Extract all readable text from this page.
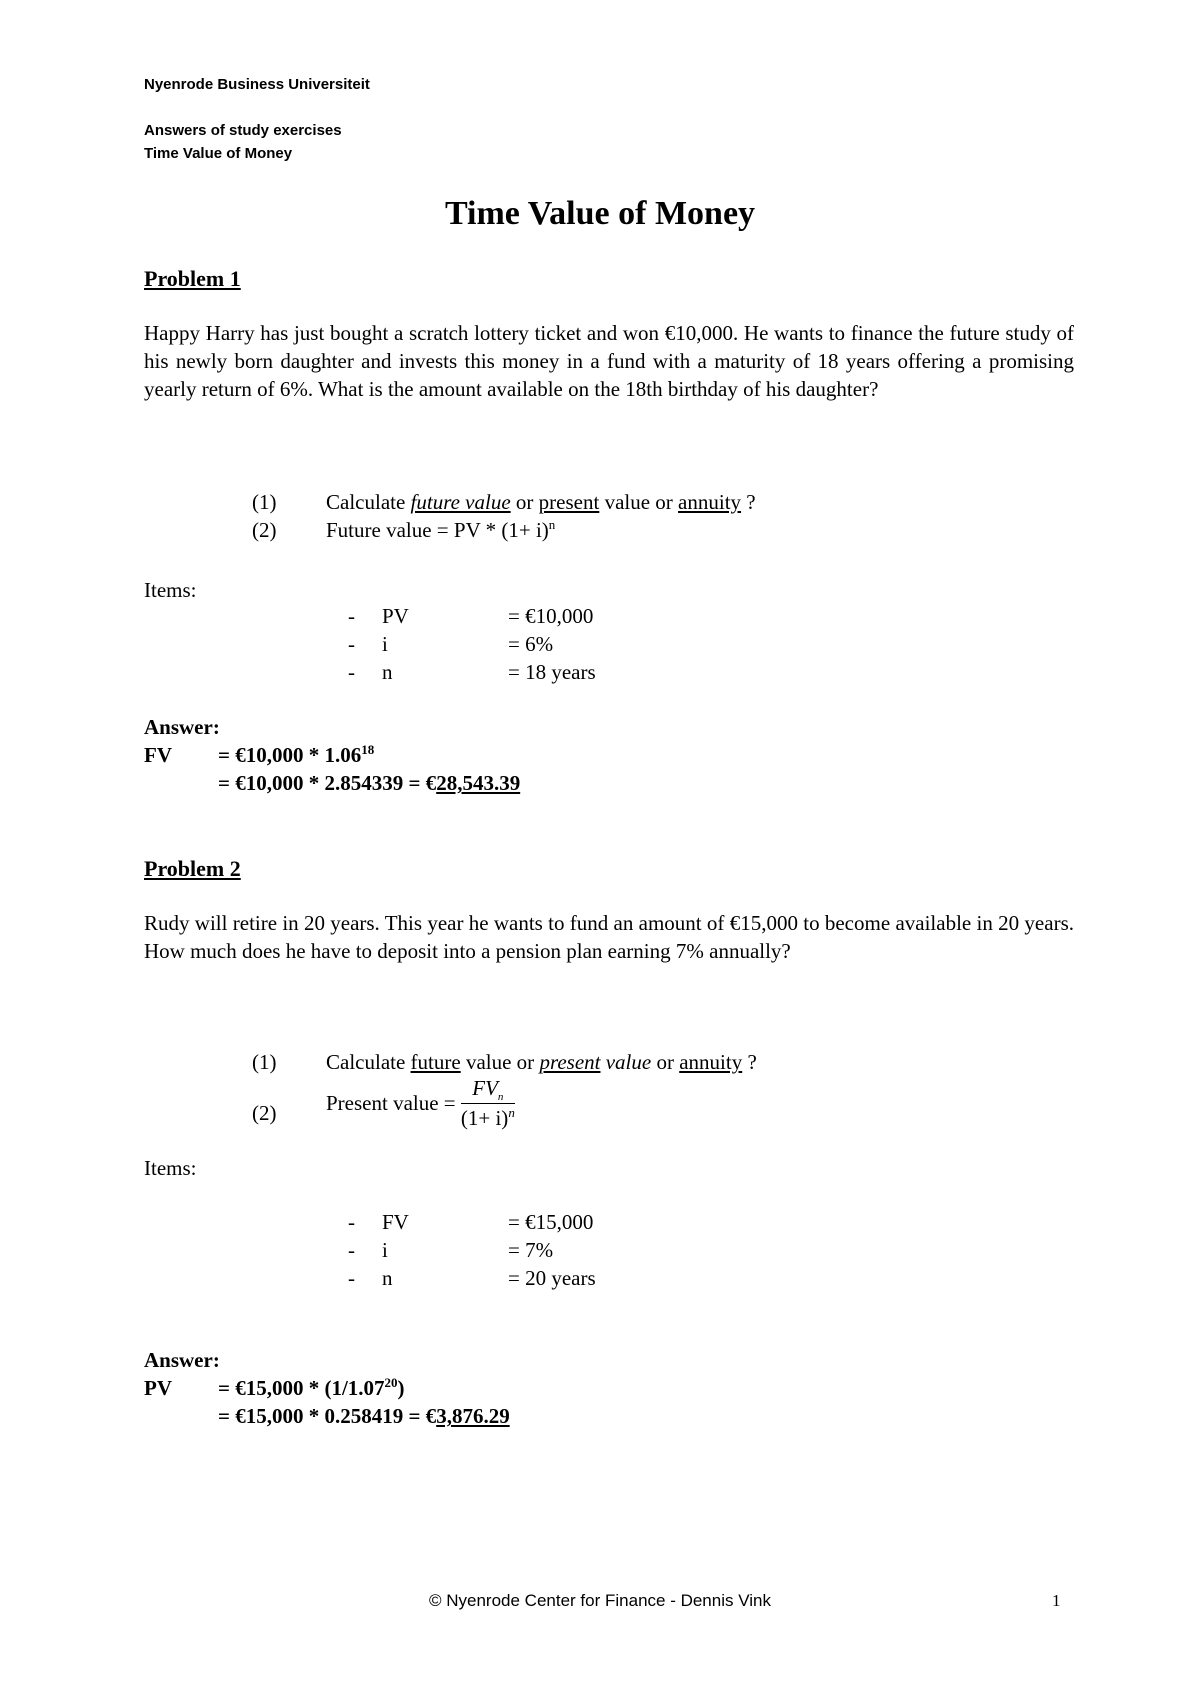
Nyenrode Business Universiteit
Answers of study exercises
Time Value of Money
Time Value of Money
Problem 1
Happy Harry has just bought a scratch lottery ticket and won €10,000. He wants to finance the future study of his newly born daughter and invests this money in a fund with a maturity of 18 years offering a promising yearly return of 6%. What is the amount available on the 18th birthday of his daughter?
(1) Calculate future value or present value or annuity ?
(2) Future value = PV * $(1+ i)^n$
Items:
- PV	= €10,000
- i	= 6%
- n	= 18 years
Answer:
FV = €10,000 * $1.06^{18}$
= €10,000 * 2.854339 = €28,543.39
Problem 2
Rudy will retire in 20 years. This year he wants to fund an amount of €15,000 to become available in 20 years. How much does he have to deposit into a pension plan earning 7% annually?
(1) Calculate future value or present value or annuity ?
(2) Present value = $\frac{FV_n}{(1+ i)^n}$
Items:
- FV	= €15,000
- i	= 7%
- n	= 20 years
Answer:
PV = €15,000 * $(1/1.07^{20})$
= €15,000 * 0.258419 = €3,876.29
© Nyenrode Center for Finance - Dennis Vink	1
